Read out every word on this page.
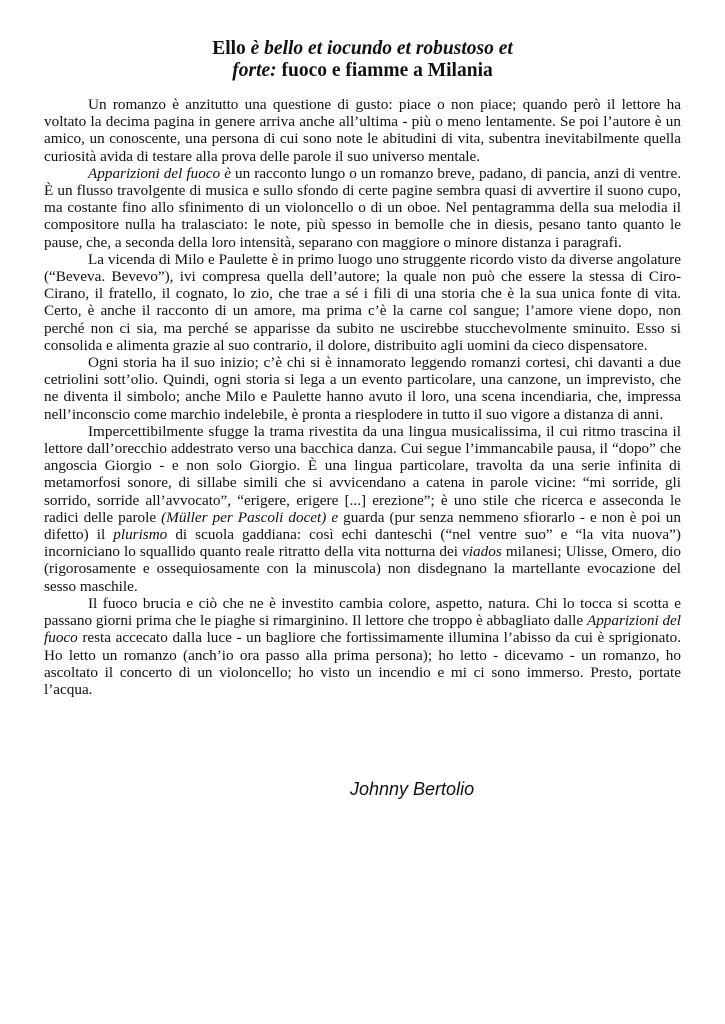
Ello è bello et iocundo et robustoso et
forte: fuoco e fiamme a Milania

Un romanzo è anzitutto una questione di gusto: piace o non piace; quando però il lettore ha voltato la decima pagina in genere arriva anche all’ultima - più o meno lentamente. Se poi l’autore è un amico, un conoscente, una persona di cui sono note le abitudini di vita, subentra inevitabilmente quella curiosità avida di testare alla prova delle parole il suo universo mentale.

Apparizioni del fuoco è un racconto lungo o un romanzo breve, padano, di pancia, anzi di ventre. È un flusso travolgente di musica e sullo sfondo di certe pagine sembra quasi di avvertire il suono cupo, ma costante fino allo sfinimento di un violoncello o di un oboe. Nel pentagramma della sua melodia il compositore nulla ha tralasciato: le note, più spesso in bemolle che in diesis, pesano tanto quanto le pause, che, a seconda della loro intensità, separano con maggiore o minore distanza i paragrafi.

La vicenda di Milo e Paulette è in primo luogo uno struggente ricordo visto da diverse angolature (“Beveva. Bevevo”), ivi compresa quella dell’autore; la quale non può che essere la stessa di Ciro-Cirano, il fratello, il cognato, lo zio, che trae a sé i fili di una storia che è la sua unica fonte di vita. Certo, è anche il racconto di un amore, ma prima c’è la carne col sangue; l’amore viene dopo, non perché non ci sia, ma perché se apparisse da subito ne uscirebbe stucchevolmente sminuito. Esso si consolida e alimenta grazie al suo contrario, il dolore, distribuito agli uomini da cieco dispensatore.

Ogni storia ha il suo inizio; c’è chi si è innamorato leggendo romanzi cortesi, chi davanti a due cetriolini sott’olio. Quindi, ogni storia si lega a un evento particolare, una canzone, un imprevisto, che ne diventa il simbolo; anche Milo e Paulette hanno avuto il loro, una scena incendiaria, che, impressa nell’inconscio come marchio indelebile, è pronta a riesplodere in tutto il suo vigore a distanza di anni.

Impercettibilmente sfugge la trama rivestita da una lingua musicalissima, il cui ritmo trascina il lettore dall’orecchio addestrato verso una bacchica danza. Cui segue l’immancabile pausa, il “dopo” che angoscia Giorgio - e non solo Giorgio. È una lingua particolare, travolta da una serie infinita di metamorfosi sonore, di sillabe simili che si avvicendano a catena in parole vicine: “mi sorride, gli sorrido, sorride all’avvocato”, “erigere, erigere [...] erezione”; è uno stile che ricerca e asseconda le radici delle parole (Müller per Pascoli docet) e guarda (pur senza nemmeno sfiorarlo - e non è poi un difetto) il plurismo di scuola gaddiana: così echi danteschi (“nel ventre suo” e “la vita nuova”) incorniciano lo squallido quanto reale ritratto della vita notturna dei viados milanesi; Ulisse, Omero, dio (rigorosamente e ossequiosamente con la minuscola) non disdegnano la martellante evocazione del sesso maschile.

Il fuoco brucia e ciò che ne è investito cambia colore, aspetto, natura. Chi lo tocca si scotta e passano giorni prima che le piaghe si rimarginino. Il lettore che troppo è abbagliato dalle Apparizioni del fuoco resta accecato dalla luce - un bagliore che fortissimamente illumina l’abisso da cui è sprigionato. Ho letto un romanzo (anch’io ora passo alla prima persona); ho letto - dicevamo - un romanzo, ho ascoltato il concerto di un violoncello; ho visto un incendio e mi ci sono immerso. Presto, portate l’acqua.

Johnny Bertolio
